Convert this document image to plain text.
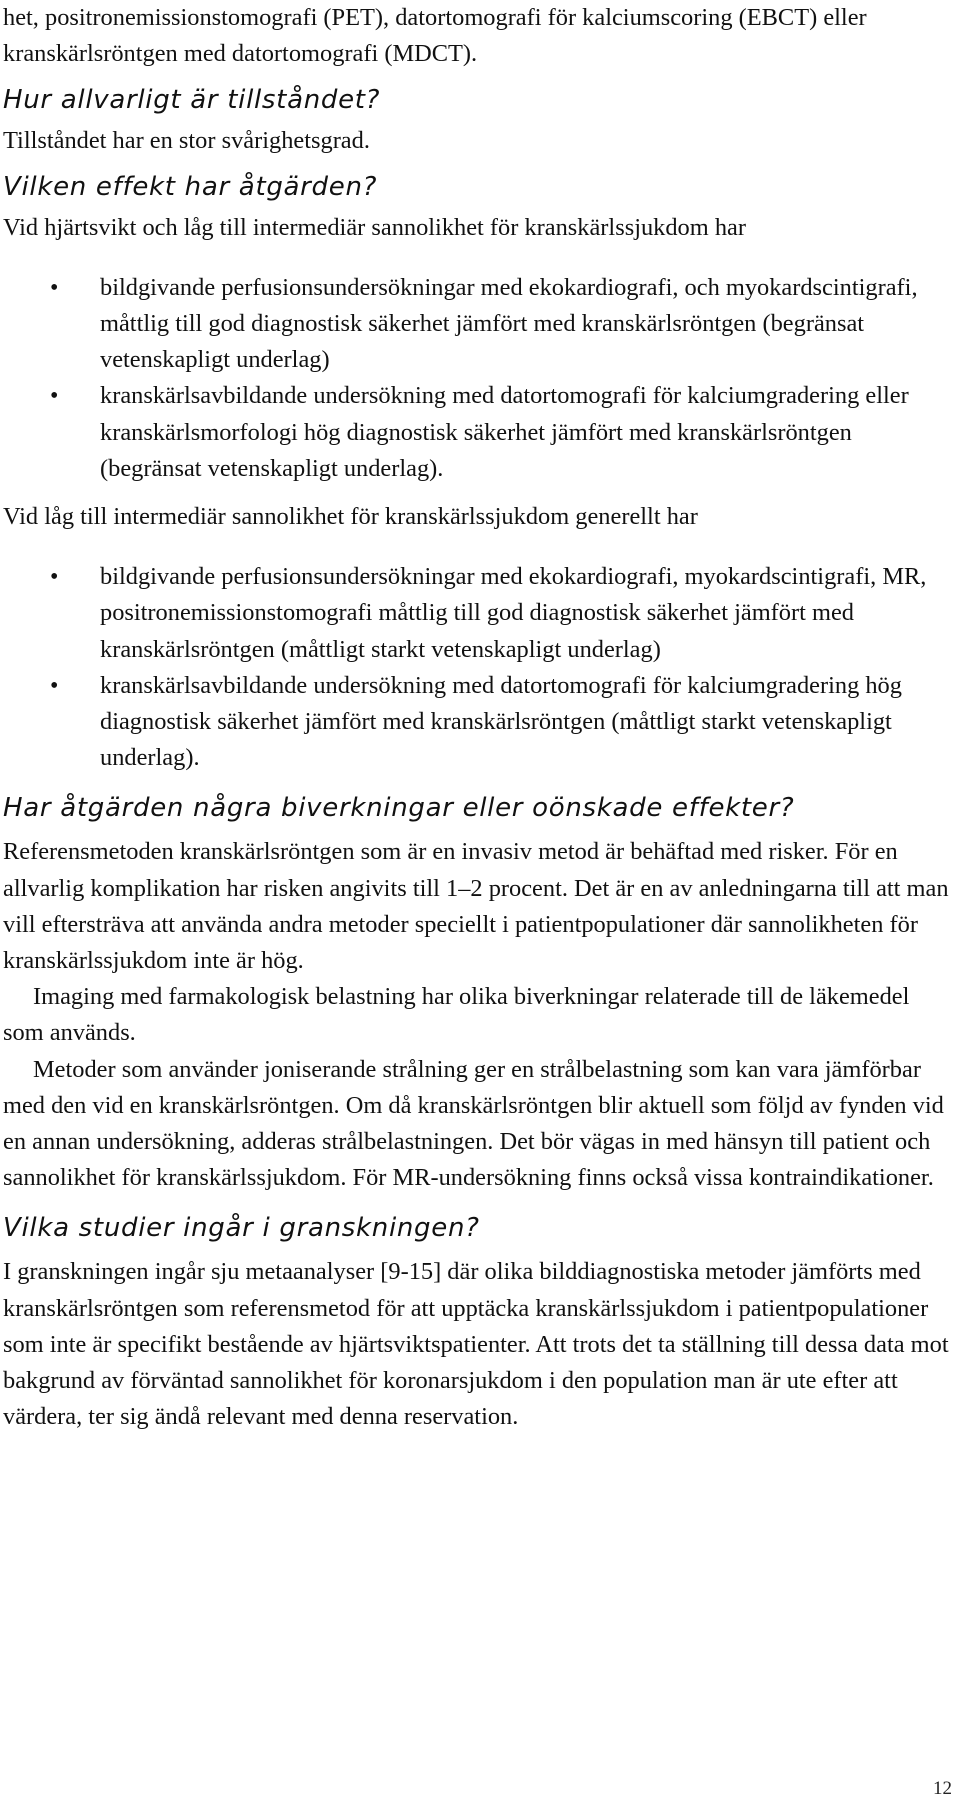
het, positronemissionstomografi (PET), datortomografi för kalciumscoring (EBCT) eller kranskärlsröntgen med datortomografi (MDCT).

Hur allvarligt är tillståndet?

Tillståndet har en stor svårighetsgrad.

Vilken effekt har åtgärden?

Vid hjärtsvikt och låg till intermediär sannolikhet för kranskärlssjukdom har

• bildgivande perfusionsundersökningar med ekokardiografi, och myokardscintigrafi, måttlig till god diagnostisk säkerhet jämfört med kranskärlsröntgen (begränsat vetenskapligt underlag)
• kranskärlsavbildande undersökning med datortomografi för kalciumgradering eller kranskärlsmorfologi hög diagnostisk säkerhet jämfört med kranskärlsröntgen (begränsat vetenskapligt underlag).

Vid låg till intermediär sannolikhet för kranskärlssjukdom generellt har

• bildgivande perfusionsundersökningar med ekokardiografi, myokardscintigrafi, MR, positronemissionstomografi måttlig till god diagnostisk säkerhet jämfört med kranskärlsröntgen (måttligt starkt vetenskapligt underlag)
• kranskärlsavbildande undersökning med datortomografi för kalciumgradering hög diagnostisk säkerhet jämfört med kranskärlsröntgen (måttligt starkt vetenskapligt underlag).
Har åtgärden några biverkningar eller oönskade effekter?

Referensmetoden kranskärlsröntgen som är en invasiv metod är behäftad med risker. För en allvarlig komplikation har risken angivits till 1–2 procent. Det är en av anledningarna till att man vill eftersträva att använda andra metoder speciellt i patientpopulationer där sannolikheten för kranskärlssjukdom inte är hög.

Imaging med farmakologisk belastning har olika biverkningar relaterade till de läkemedel som används.

Metoder som använder joniserande strålning ger en strålbelastning som kan vara jämförbar med den vid en kranskärlsröntgen. Om då kranskärlsröntgen blir aktuell som följd av fynden vid en annan undersökning, adderas strålbelastningen. Det bör vägas in med hänsyn till patient och sannolikhet för kranskärlssjukdom. För MR-undersökning finns också vissa kontraindikationer.

Vilka studier ingår i granskningen?

I granskningen ingår sju metaanalyser [9-15] där olika bilddiagnostiska metoder jämförts med kranskärlsröntgen som referensmetod för att upptäcka kranskärlssjukdom i patientpopulationer som inte är specifikt bestående av hjärtsviktspatienter. Att trots det ta ställning till dessa data mot bakgrund av förväntad sannolikhet för koronarsjukdom i den population man är ute efter att värdera, ter sig ändå relevant med denna reservation.

12
